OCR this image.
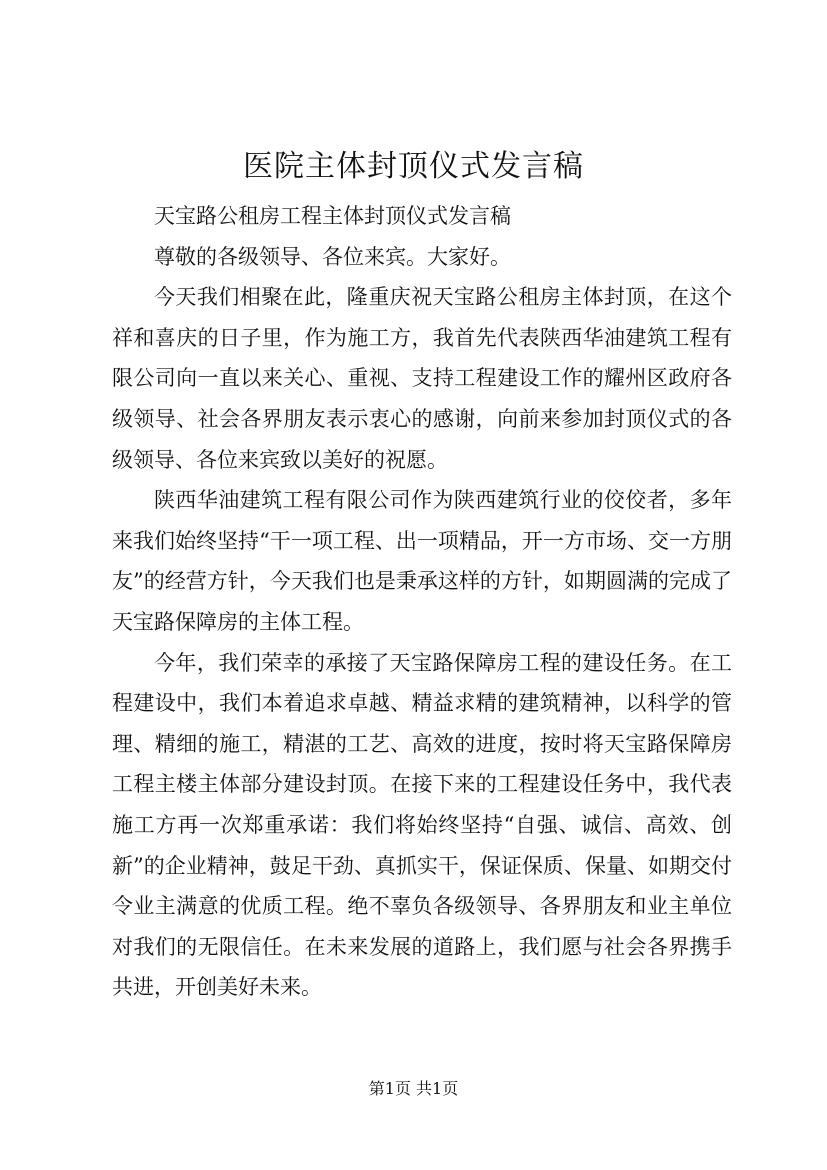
医院主体封顶仪式发言稿

天宝路公租房工程主体封顶仪式发言稿

尊敬的各级领导、各位来宾。大家好。

今天我们相聚在此，隆重庆祝天宝路公租房主体封顶，在这个祥和喜庆的日子里，作为施工方，我首先代表陕西华油建筑工程有限公司向一直以来关心、重视、支持工程建设工作的耀州区政府各级领导、社会各界朋友表示衷心的感谢，向前来参加封顶仪式的各级领导、各位来宾致以美好的祝愿。

陕西华油建筑工程有限公司作为陕西建筑行业的佼佼者，多年来我们始终坚持“干一项工程、出一项精品，开一方市场、交一方朋友”的经营方针，今天我们也是秉承这样的方针，如期圆满的完成了天宝路保障房的主体工程。

今年，我们荣幸的承接了天宝路保障房工程的建设任务。在工程建设中，我们本着追求卓越、精益求精的建筑精神，以科学的管理、精细的施工，精湛的工艺、高效的进度，按时将天宝路保障房工程主楼主体部分建设封顶。在接下来的工程建设任务中，我代表施工方再一次郑重承诺：我们将始终坚持“自强、诚信、高效、创新”的企业精神，鼓足干劲、真抓实干，保证保质、保量、如期交付令业主满意的优质工程。绝不辜负各级领导、各界朋友和业主单位对我们的无限信任。在未来发展的道路上，我们愿与社会各界携手共进，开创美好未来。

第1页 共1页
